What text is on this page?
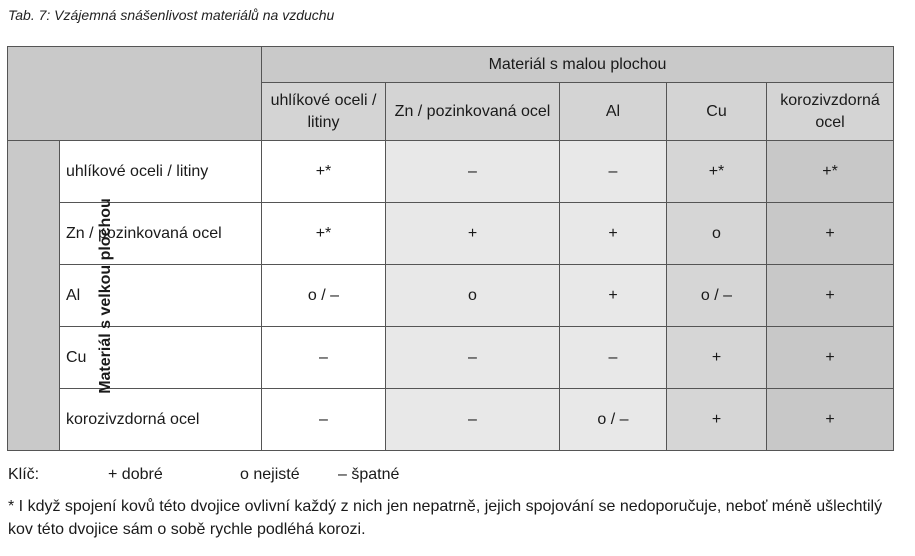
Tab. 7: Vzájemná snášenlivost materiálů na vzduchu
		Materiál s malou plochou				
		uhlíkové oceli / litiny	Zn / pozinkovaná ocel	Al	Cu	korozivzdorná ocel
Materiál s velkou plochou	uhlíkové oceli / litiny	+*	–	–	+*	+*
	Zn / pozinkovaná ocel	+*	+	+	o	+
	Al	o / –	o	+	o / –	+
	Cu	–	–	–	+	+
	korozivzdorná ocel	–	–	o / –	+	+
Klíč:	+ dobré	o nejisté – špatné
* I když spojení kovů této dvojice ovlivní každý z nich jen nepatrně, jejich spojování se nedoporučuje, neboť méně ušlechtilý kov této dvojice sám o sobě rychle podléhá korozi.
